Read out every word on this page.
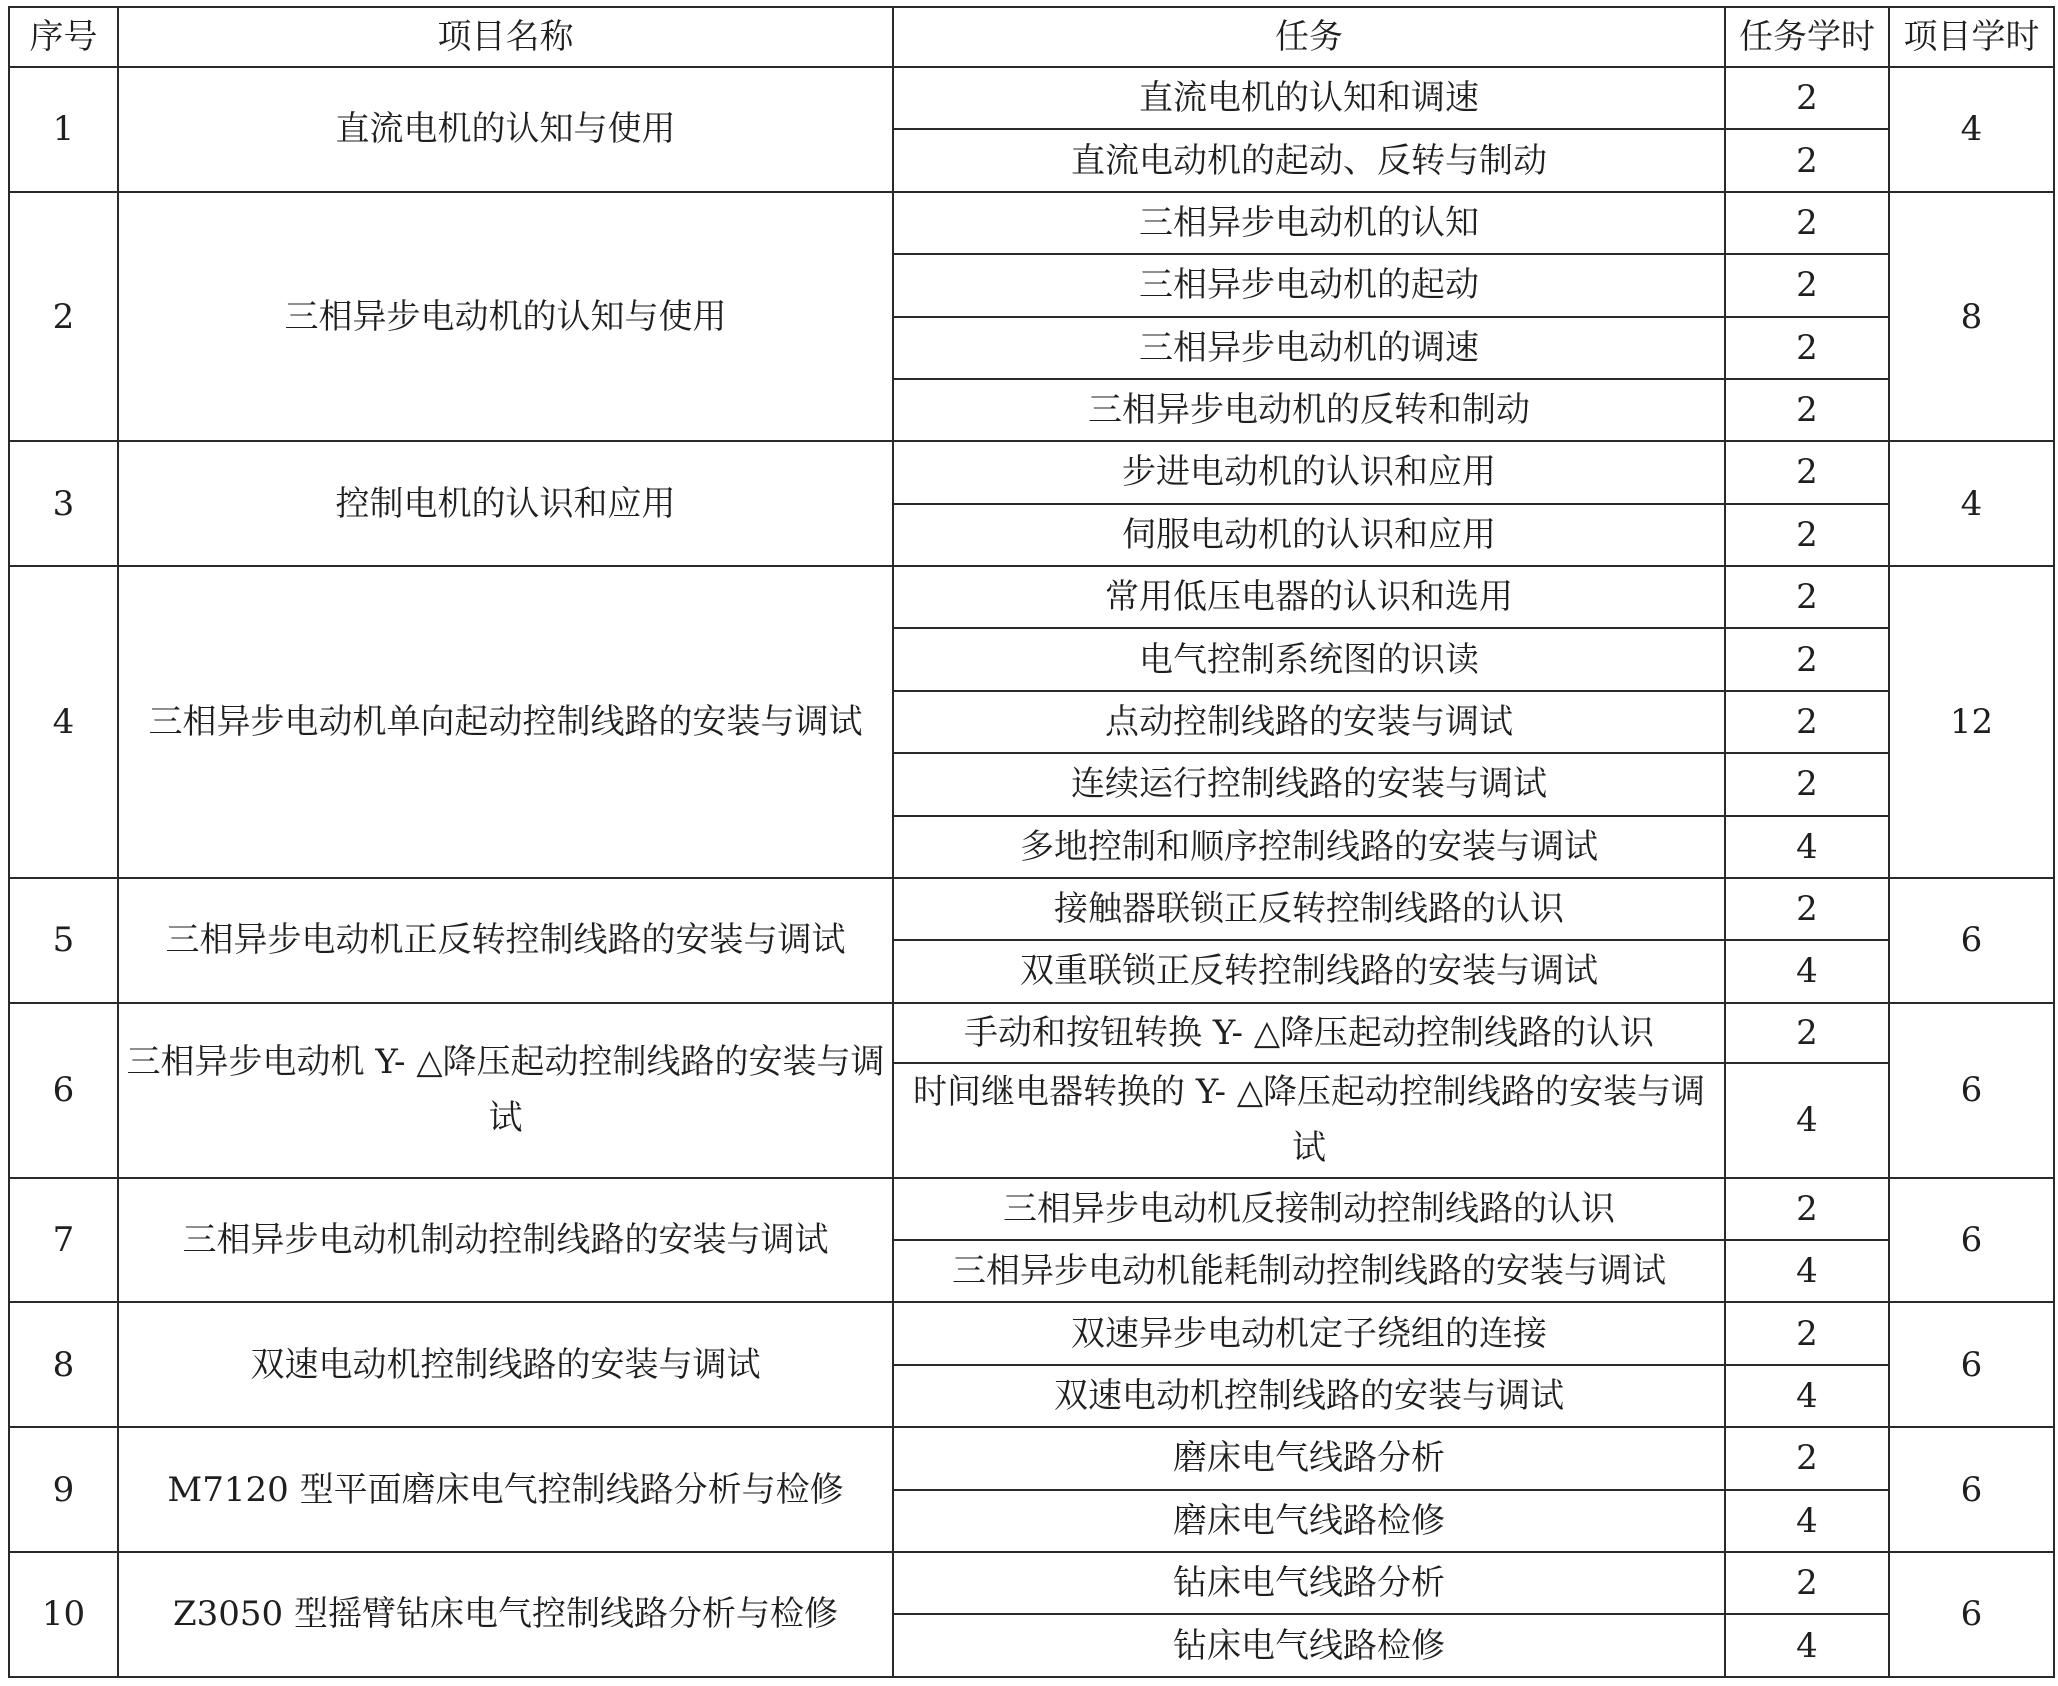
序号	项目名称	任务	任务学时	项目学时
1	直流电机的认知与使用	直流电机的认知和调速	2	4
		直流电动机的起动、反转与制动	2	
2	三相异步电动机的认知与使用	三相异步电动机的认知	2	8
		三相异步电动机的起动	2	
		三相异步电动机的调速	2	
		三相异步电动机的反转和制动	2	
3	控制电机的认识和应用	步进电动机的认识和应用	2	4
		伺服电动机的认识和应用	2	
4	三相异步电动机单向起动控制线路的安装与调试	常用低压电器的认识和选用	2	12
		电气控制系统图的识读	2	
		点动控制线路的安装与调试	2	
		连续运行控制线路的安装与调试	2	
		多地控制和顺序控制线路的安装与调试	4	
5	三相异步电动机正反转控制线路的安装与调试	接触器联锁正反转控制线路的认识	2	6
		双重联锁正反转控制线路的安装与调试	4	
6	三相异步电动机 Y- △降压起动控制线路的安装与调试	手动和按钮转换 Y- △降压起动控制线路的认识	2	6
		时间继电器转换的 Y- △降压起动控制线路的安装与调试	4	
7	三相异步电动机制动控制线路的安装与调试	三相异步电动机反接制动控制线路的认识	2	6
		三相异步电动机能耗制动控制线路的安装与调试	4	
8	双速电动机控制线路的安装与调试	双速异步电动机定子绕组的连接	2	6
		双速电动机控制线路的安装与调试	4	
9	M7120 型平面磨床电气控制线路分析与检修	磨床电气线路分析	2	6
		磨床电气线路检修	4	
10	Z3050 型摇臂钻床电气控制线路分析与检修	钻床电气线路分析	2	6
		钻床电气线路检修	4	
